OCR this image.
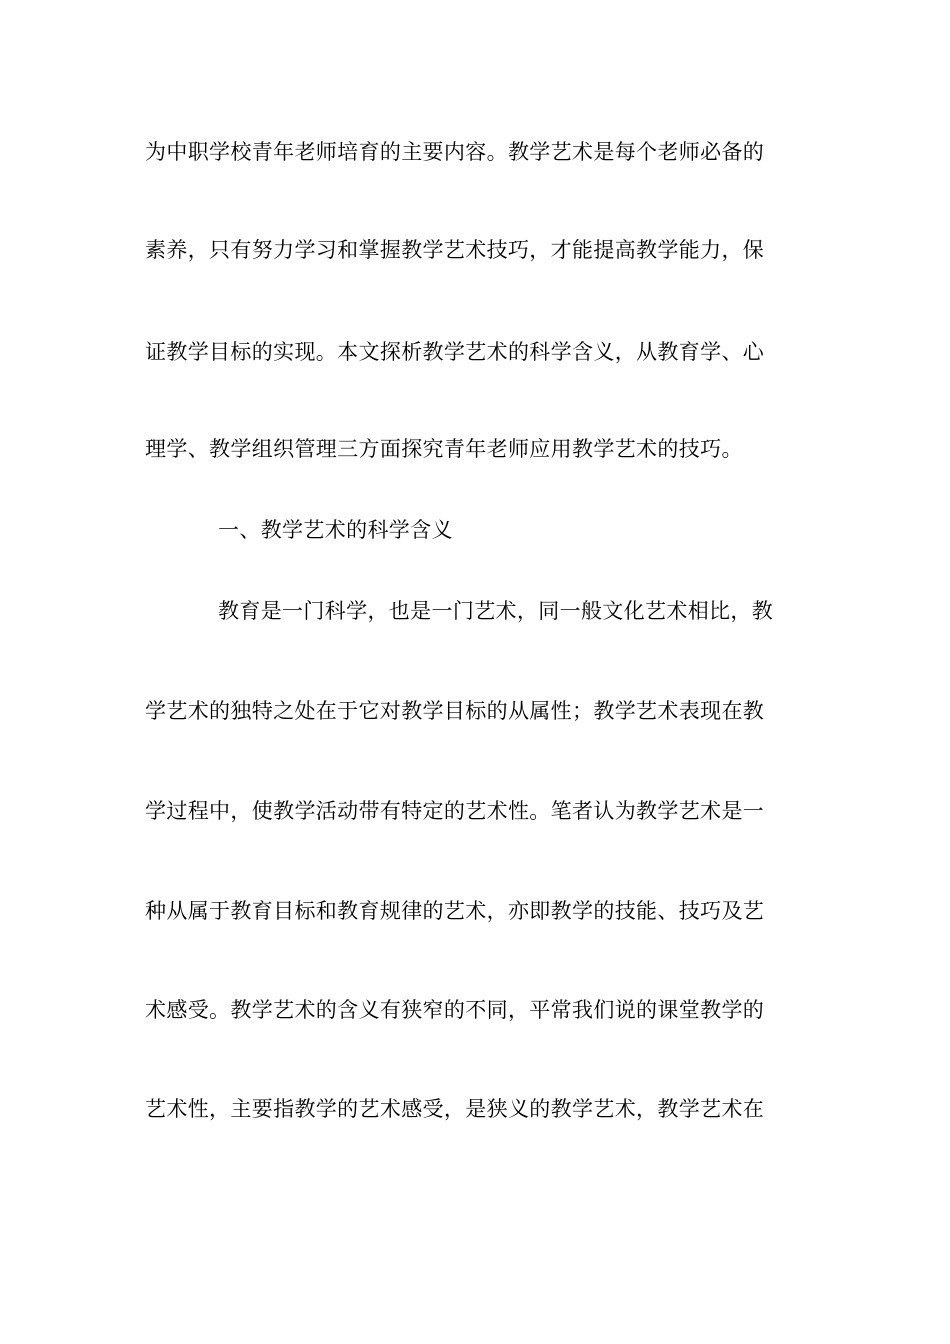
为中职学校青年老师培育的主要内容。教学艺术是每个老师必备的
素养，只有努力学习和掌握教学艺术技巧，才能提高教学能力，保
证教学目标的实现。本文探析教学艺术的科学含义，从教育学、心
理学、教学组织管理三方面探究青年老师应用教学艺术的技巧。
一、教学艺术的科学含义
教育是一门科学，也是一门艺术，同一般文化艺术相比，教
学艺术的独特之处在于它对教学目标的从属性；教学艺术表现在教
学过程中，使教学活动带有特定的艺术性。笔者认为教学艺术是一
种从属于教育目标和教育规律的艺术，亦即教学的技能、技巧及艺
术感受。教学艺术的含义有狭窄的不同，平常我们说的课堂教学的
艺术性，主要指教学的艺术感受，是狭义的教学艺术，教学艺术在
